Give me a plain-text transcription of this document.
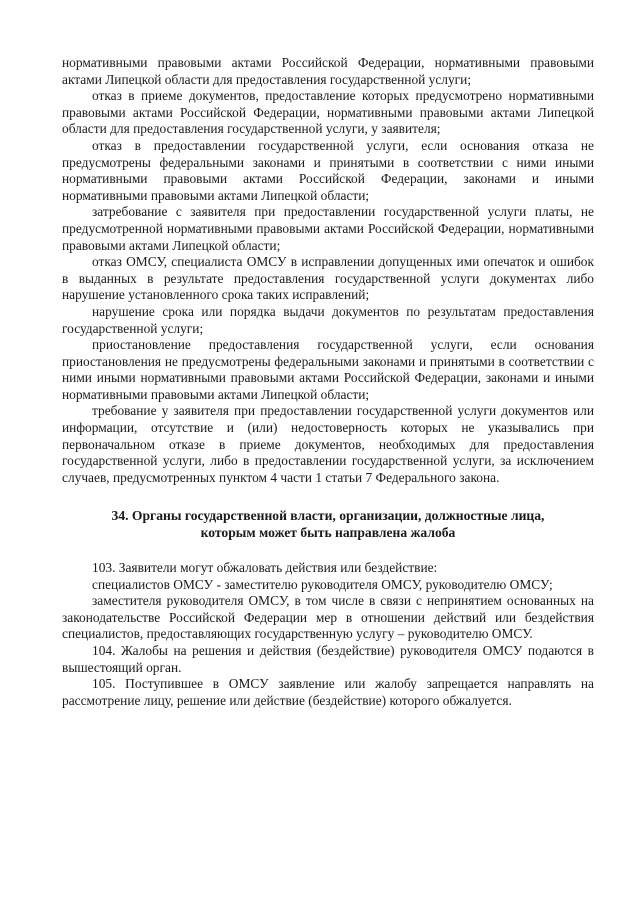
нормативными правовыми актами Российской Федерации, нормативными правовыми актами Липецкой области для предоставления государственной услуги;

отказ в приеме документов, предоставление которых предусмотрено нормативными правовыми актами Российской Федерации, нормативными правовыми актами Липецкой области для предоставления государственной услуги, у заявителя;

отказ в предоставлении государственной услуги, если основания отказа не предусмотрены федеральными законами и принятыми в соответствии с ними иными нормативными правовыми актами Российской Федерации, законами и иными нормативными правовыми актами Липецкой области;

затребование с заявителя при предоставлении государственной услуги платы, не предусмотренной нормативными правовыми актами Российской Федерации, нормативными правовыми актами Липецкой области;

отказ ОМСУ, специалиста ОМСУ в исправлении допущенных ими опечаток и ошибок в выданных в результате предоставления государственной услуги документах либо нарушение установленного срока таких исправлений;

нарушение срока или порядка выдачи документов по результатам предоставления государственной услуги;

приостановление предоставления государственной услуги, если основания приостановления не предусмотрены федеральными законами и принятыми в соответствии с ними иными нормативными правовыми актами Российской Федерации, законами и иными нормативными правовыми актами Липецкой области;

требование у заявителя при предоставлении государственной услуги документов или информации, отсутствие и (или) недостоверность которых не указывались при первоначальном отказе в приеме документов, необходимых для предоставления государственной услуги, либо в предоставлении государственной услуги, за исключением случаев, предусмотренных пунктом 4 части 1 статьи 7 Федерального закона.

34. Органы государственной власти, организации, должностные лица,
которым может быть направлена жалоба

103. Заявители могут обжаловать действия или бездействие:

специалистов ОМСУ - заместителю руководителя ОМСУ, руководителю ОМСУ;

заместителя руководителя ОМСУ, в том числе в связи с непринятием основанных на законодательстве Российской Федерации мер в отношении действий или бездействия специалистов, предоставляющих государственную услугу – руководителю ОМСУ.

104. Жалобы на решения и действия (бездействие) руководителя ОМСУ подаются в вышестоящий орган.

105. Поступившее в ОМСУ заявление или жалобу запрещается направлять на рассмотрение лицу, решение или действие (бездействие) которого обжалуется.
